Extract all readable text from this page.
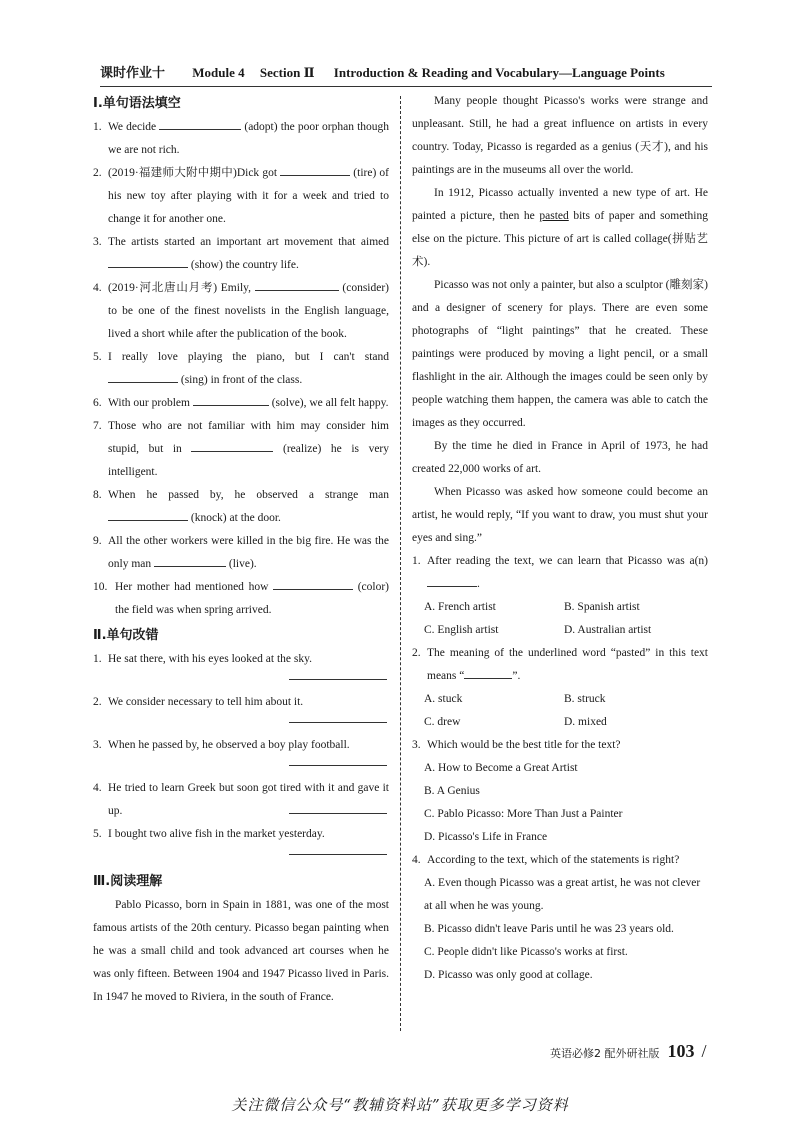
课时作业十 Module 4 Section Ⅱ Introduction & Reading and Vocabulary—Language Points
Ⅰ.单句语法填空
1. We decide	(adopt) the poor orphan though we are not rich.
2. (2019·福建师大附中期中)Dick got	(tire) of his new toy after playing with it for a week and tried to change it for another one.
3. The artists started an important art movement that aimed  (show) the country life.
4. (2019·河北唐山月考) Emily,	(consider) to be one of the finest novelists in the English language, lived a short while after the publication of the book.
5. I really love playing the piano, but I can't stand  (sing) in front of the class.
6. With our problem	(solve), we all felt happy.
7. Those who are not familiar with him may consider him stupid, but in	(realize) he is very intelligent.
8. When he passed by, he observed a strange man  (knock) at the door.
9. All the other workers were killed in the big fire. He was the only man	(live).
10. Her mother had mentioned how	(color) the field was when spring arrived.
Ⅱ.单句改错
1. He sat there, with his eyes looked at the sky.
2. We consider necessary to tell him about it.
3. When he passed by, he observed a boy play football.
4. He tried to learn Greek but soon got tired with it and gave it up.
5. I bought two alive fish in the market yesterday.
Ⅲ.阅读理解
Pablo Picasso, born in Spain in 1881, was one of the most famous artists of the 20th century. Picasso began painting when he was a small child and took advanced art courses when he was only fifteen. Between 1904 and 1947 Picasso lived in Paris. In 1947 he moved to Riviera, in the south of France.
Many people thought Picasso's works were strange and unpleasant. Still, he had a great influence on artists in every country. Today, Picasso is regarded as a genius (天才), and his paintings are in the museums all over the world.
In 1912, Picasso actually invented a new type of art. He painted a picture, then he pasted bits of paper and something else on the picture. This picture of art is called collage(拼贴艺术).
Picasso was not only a painter, but also a sculptor (雕刻家) and a designer of scenery for plays. There are even some photographs of “light paintings” that he created. These paintings were produced by moving a light pencil, or a small flashlight in the air. Although the images could be seen only by people watching them happen, the camera was able to catch the images as they occurred.
By the time he died in France in April of 1973, he had created 22,000 works of art.
When Picasso was asked how someone could become an artist, he would reply, “If you want to draw, you must shut your eyes and sing.”
1. After reading the text, we can learn that Picasso was a(n) .
A. French artist	B. Spanish artist
C. English artist	D. Australian artist
2. The meaning of the underlined word “pasted” in this text means “	”.
A. stuck	B. struck
C. drew	D. mixed
3. Which would be the best title for the text?
A. How to Become a Great Artist
B. A Genius
C. Pablo Picasso: More Than Just a Painter
D. Picasso's Life in France
4. According to the text, which of the statements is right?
A. Even though Picasso was a great artist, he was not clever at all when he was young.
B. Picasso didn't leave Paris until he was 23 years old.
C. People didn't like Picasso's works at first.
D. Picasso was only good at collage.
英语必修2 配外研社版 103 /
关注微信公众号“教辅资料站”获取更多学习资料
